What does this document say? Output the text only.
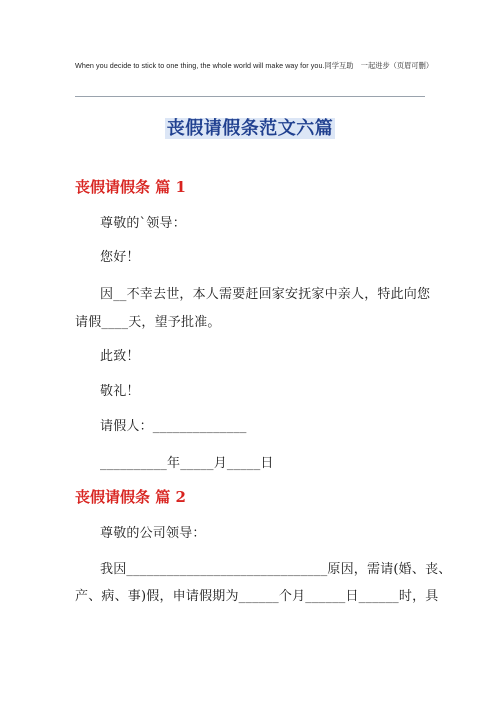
When you decide to stick to one thing, the whole world will make way for you.同学互助　一起进步（页眉可删）
丧假请假条范文六篇
丧假请假条 篇 1
尊敬的`领导：
您好！
因__不幸去世，本人需要赶回家安抚家中亲人，特此向您
请假____天，望予批准。
此致！
敬礼！
请假人：______________
__________年_____月_____日
丧假请假条 篇 2
尊敬的公司领导：
我因______________________________原因，需请(婚、丧、
产、病、事)假，申请假期为______个月______日______时，具
